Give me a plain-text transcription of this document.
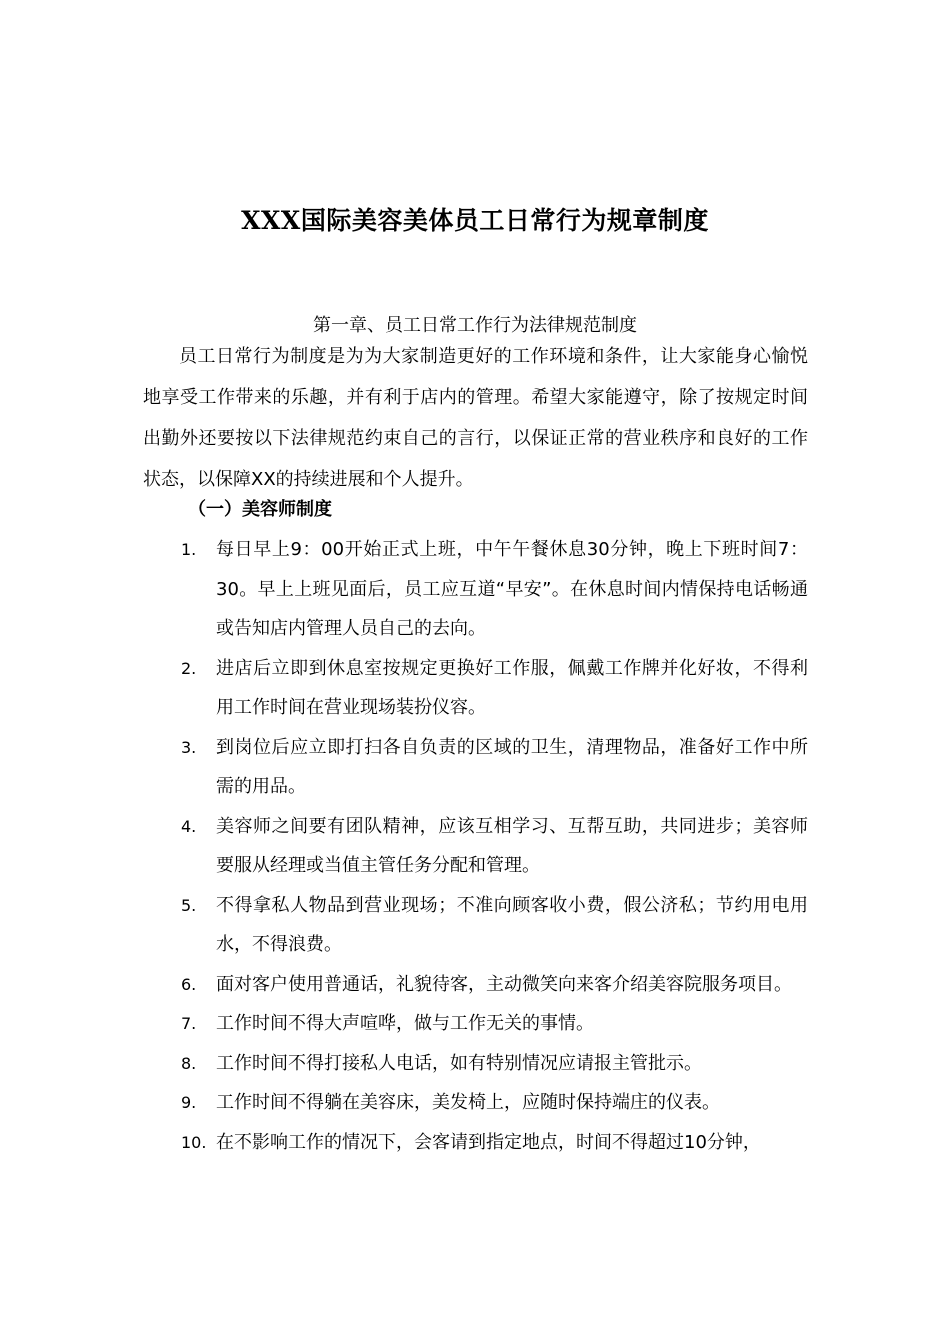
XXX国际美容美体员工日常行为规章制度
第一章、员工日常工作行为法律规范制度

员工日常行为制度是为为大家制造更好的工作环境和条件，让大家能身心愉悦地享受工作带来的乐趣，并有利于店内的管理。希望大家能遵守，除了按规定时间出勤外还要按以下法律规范约束自己的言行，以保证正常的营业秩序和良好的工作状态，以保障XX的持续进展和个人提升。

（一）美容师制度
1. 每日早上9：00开始正式上班，中午午餐休息30分钟，晚上下班时间7：30。早上上班见面后，员工应互道“早安”。在休息时间内情保持电话畅通或告知店内管理人员自己的去向。
2. 进店后立即到休息室按规定更换好工作服，佩戴工作牌并化好妆，不得利用工作时间在营业现场装扮仪容。
3. 到岗位后应立即打扫各自负责的区域的卫生，清理物品，准备好工作中所需的用品。
4. 美容师之间要有团队精神，应该互相学习、互帮互助，共同进步；美容师要服从经理或当值主管任务分配和管理。
5. 不得拿私人物品到营业现场；不准向顾客收小费，假公济私；节约用电用水，不得浪费。
6. 面对客户使用普通话，礼貌待客，主动微笑向来客介绍美容院服务项目。
7. 工作时间不得大声喧哗，做与工作无关的事情。
8. 工作时间不得打接私人电话，如有特别情况应请报主管批示。
9. 工作时间不得躺在美容床，美发椅上，应随时保持端庄的仪表。
10. 在不影响工作的情况下，会客请到指定地点，时间不得超过10分钟，
